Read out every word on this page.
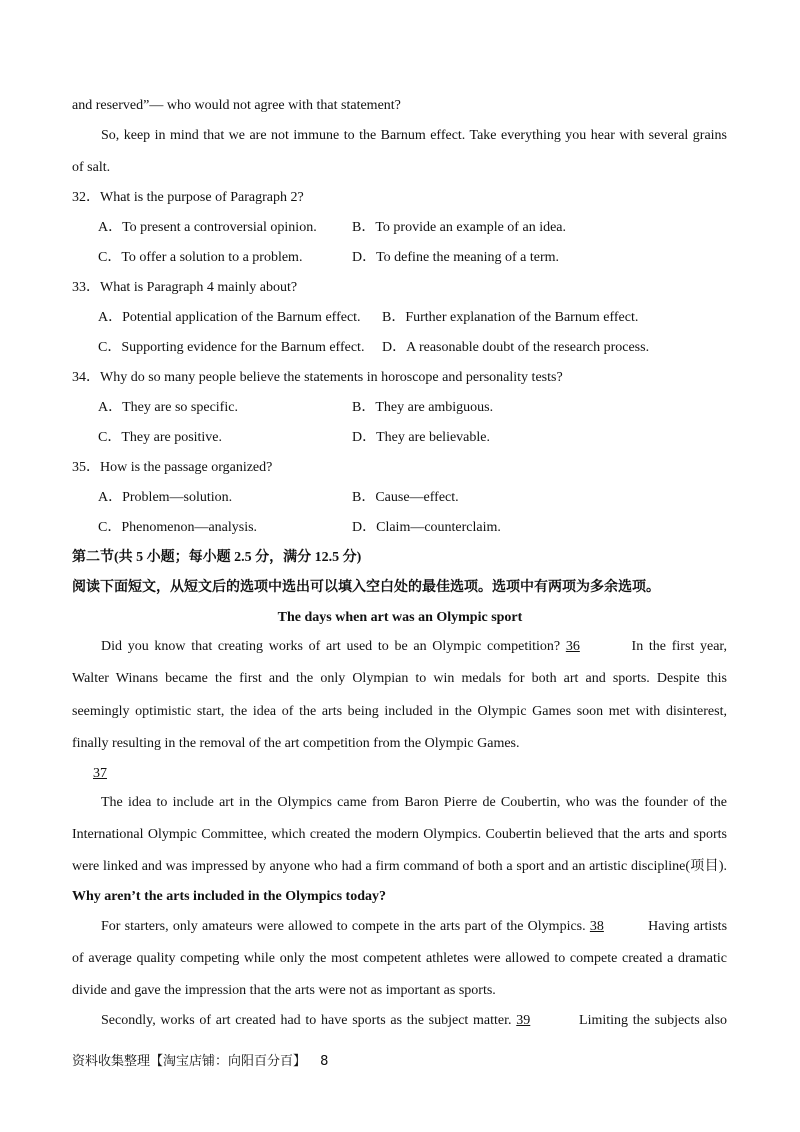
and reserved”— who would not agree with that statement?
So, keep in mind that we are not immune to the Barnum effect. Take everything you hear with several grains
of salt.
32．What is the purpose of Paragraph 2?
A．To present a controversial opinion.	B．To provide an example of an idea.
C．To offer a solution to a problem.	D．To define the meaning of a term.
33．What is Paragraph 4 mainly about?
A．Potential application of the Barnum effect. B．Further explanation of the Barnum effect.
C．Supporting evidence for the Barnum effect. D．A reasonable doubt of the research process.
34．Why do so many people believe the statements in horoscope and personality tests?
A．They are so specific.	B．They are ambiguous.
C．They are positive.	D．They are believable.
35．How is the passage organized?
A．Problem—solution.	B．Cause—effect.
C．Phenomenon—analysis.	D．Claim—counterclaim.
第二节(共 5 小题；每小题 2.5 分，满分 12.5 分)
阅读下面短文，从短文后的选项中选出可以填入空白处的最佳选项。选项中有两项为多余选项。
The days when art was an Olympic sport
Did you know that creating works of art used to be an Olympic competition? 36	In the first year,
Walter Winans became the first and the only Olympian to win medals for both art and sports. Despite this
seemingly optimistic start, the idea of the arts being included in the Olympic Games soon met with disinterest,
finally resulting in the removal of the art competition from the Olympic Games.
37
The idea to include art in the Olympics came from Baron Pierre de Coubertin, who was the founder of the
International Olympic Committee, which created the modern Olympics. Coubertin believed that the arts and sports
were linked and was impressed by anyone who had a firm command of both a sport and an artistic discipline(项目).
Why aren’t the arts included in the Olympics today?
For starters, only amateurs were allowed to compete in the arts part of the Olympics. 38	Having artists
of average quality competing while only the most competent athletes were allowed to compete created a dramatic
divide and gave the impression that the arts were not as important as sports.
Secondly, works of art created had to have sports as the subject matter. 39	Limiting the subjects also
资料收集整理【淘宝店铺：向阳百分百】 8
